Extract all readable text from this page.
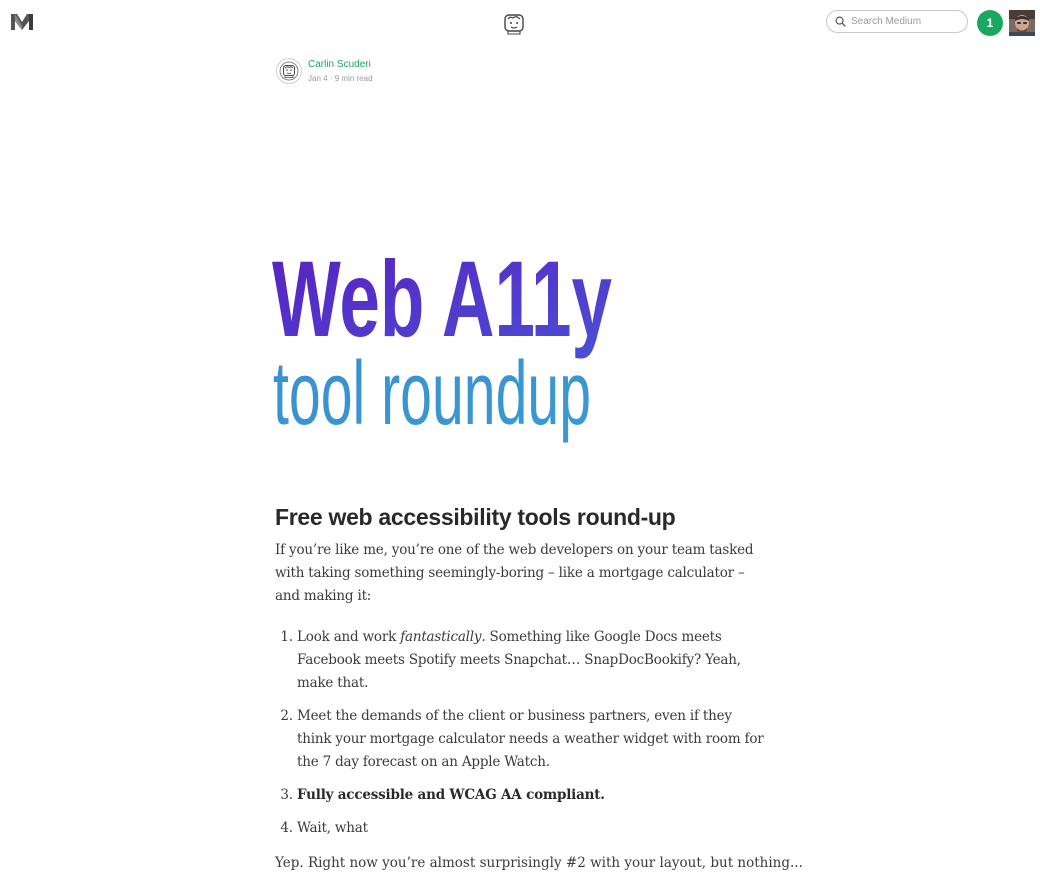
Search Medium
1
Carlin Scuderi
Jan 4 · 9 min read
Web A11y
tool roundup
Free web accessibility tools round-up

If you’re like me, you’re one of the web developers on your team tasked with taking something seemingly-boring – like a mortgage calculator – and making it:

1. Look and work fantastically. Something like Google Docs meets Facebook meets Spotify meets Snapchat… SnapDocBookify? Yeah, make that.
2. Meet the demands of the client or business partners, even if they think your mortgage calculator needs a weather widget with room for the 7 day forecast on an Apple Watch.
3. Fully accessible and WCAG AA compliant.
4. Wait, what

Yep. Right now you’re almost surprisingly #2 with your layout, but nothing...
